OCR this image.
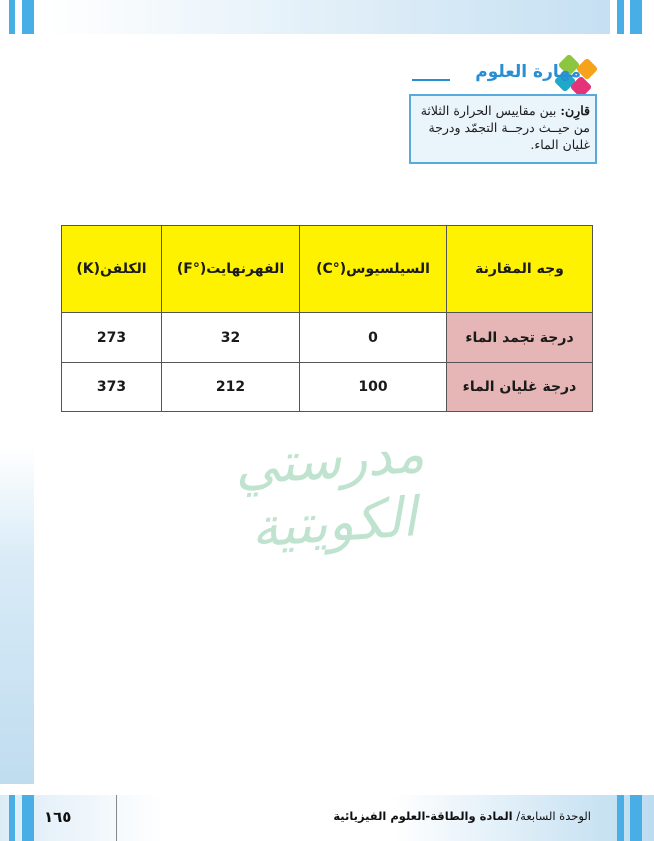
مهارة العلوم
قارِن: بين مقاييس الحرارة الثلاثة من حيــث درجــة التجمّد ودرجة غليان الماء.
وجه المقارنة	السيلسيوس(°C)	الفهرنهايت(°F)	الكلفن(K)
درجة تجمد الماء	0	32	273
درجة غليان الماء	100	212	373
مدرستي الكويتية
١٦٥	الوحدة السابعة/ المادة والطاقة-العلوم الفيزيائية
